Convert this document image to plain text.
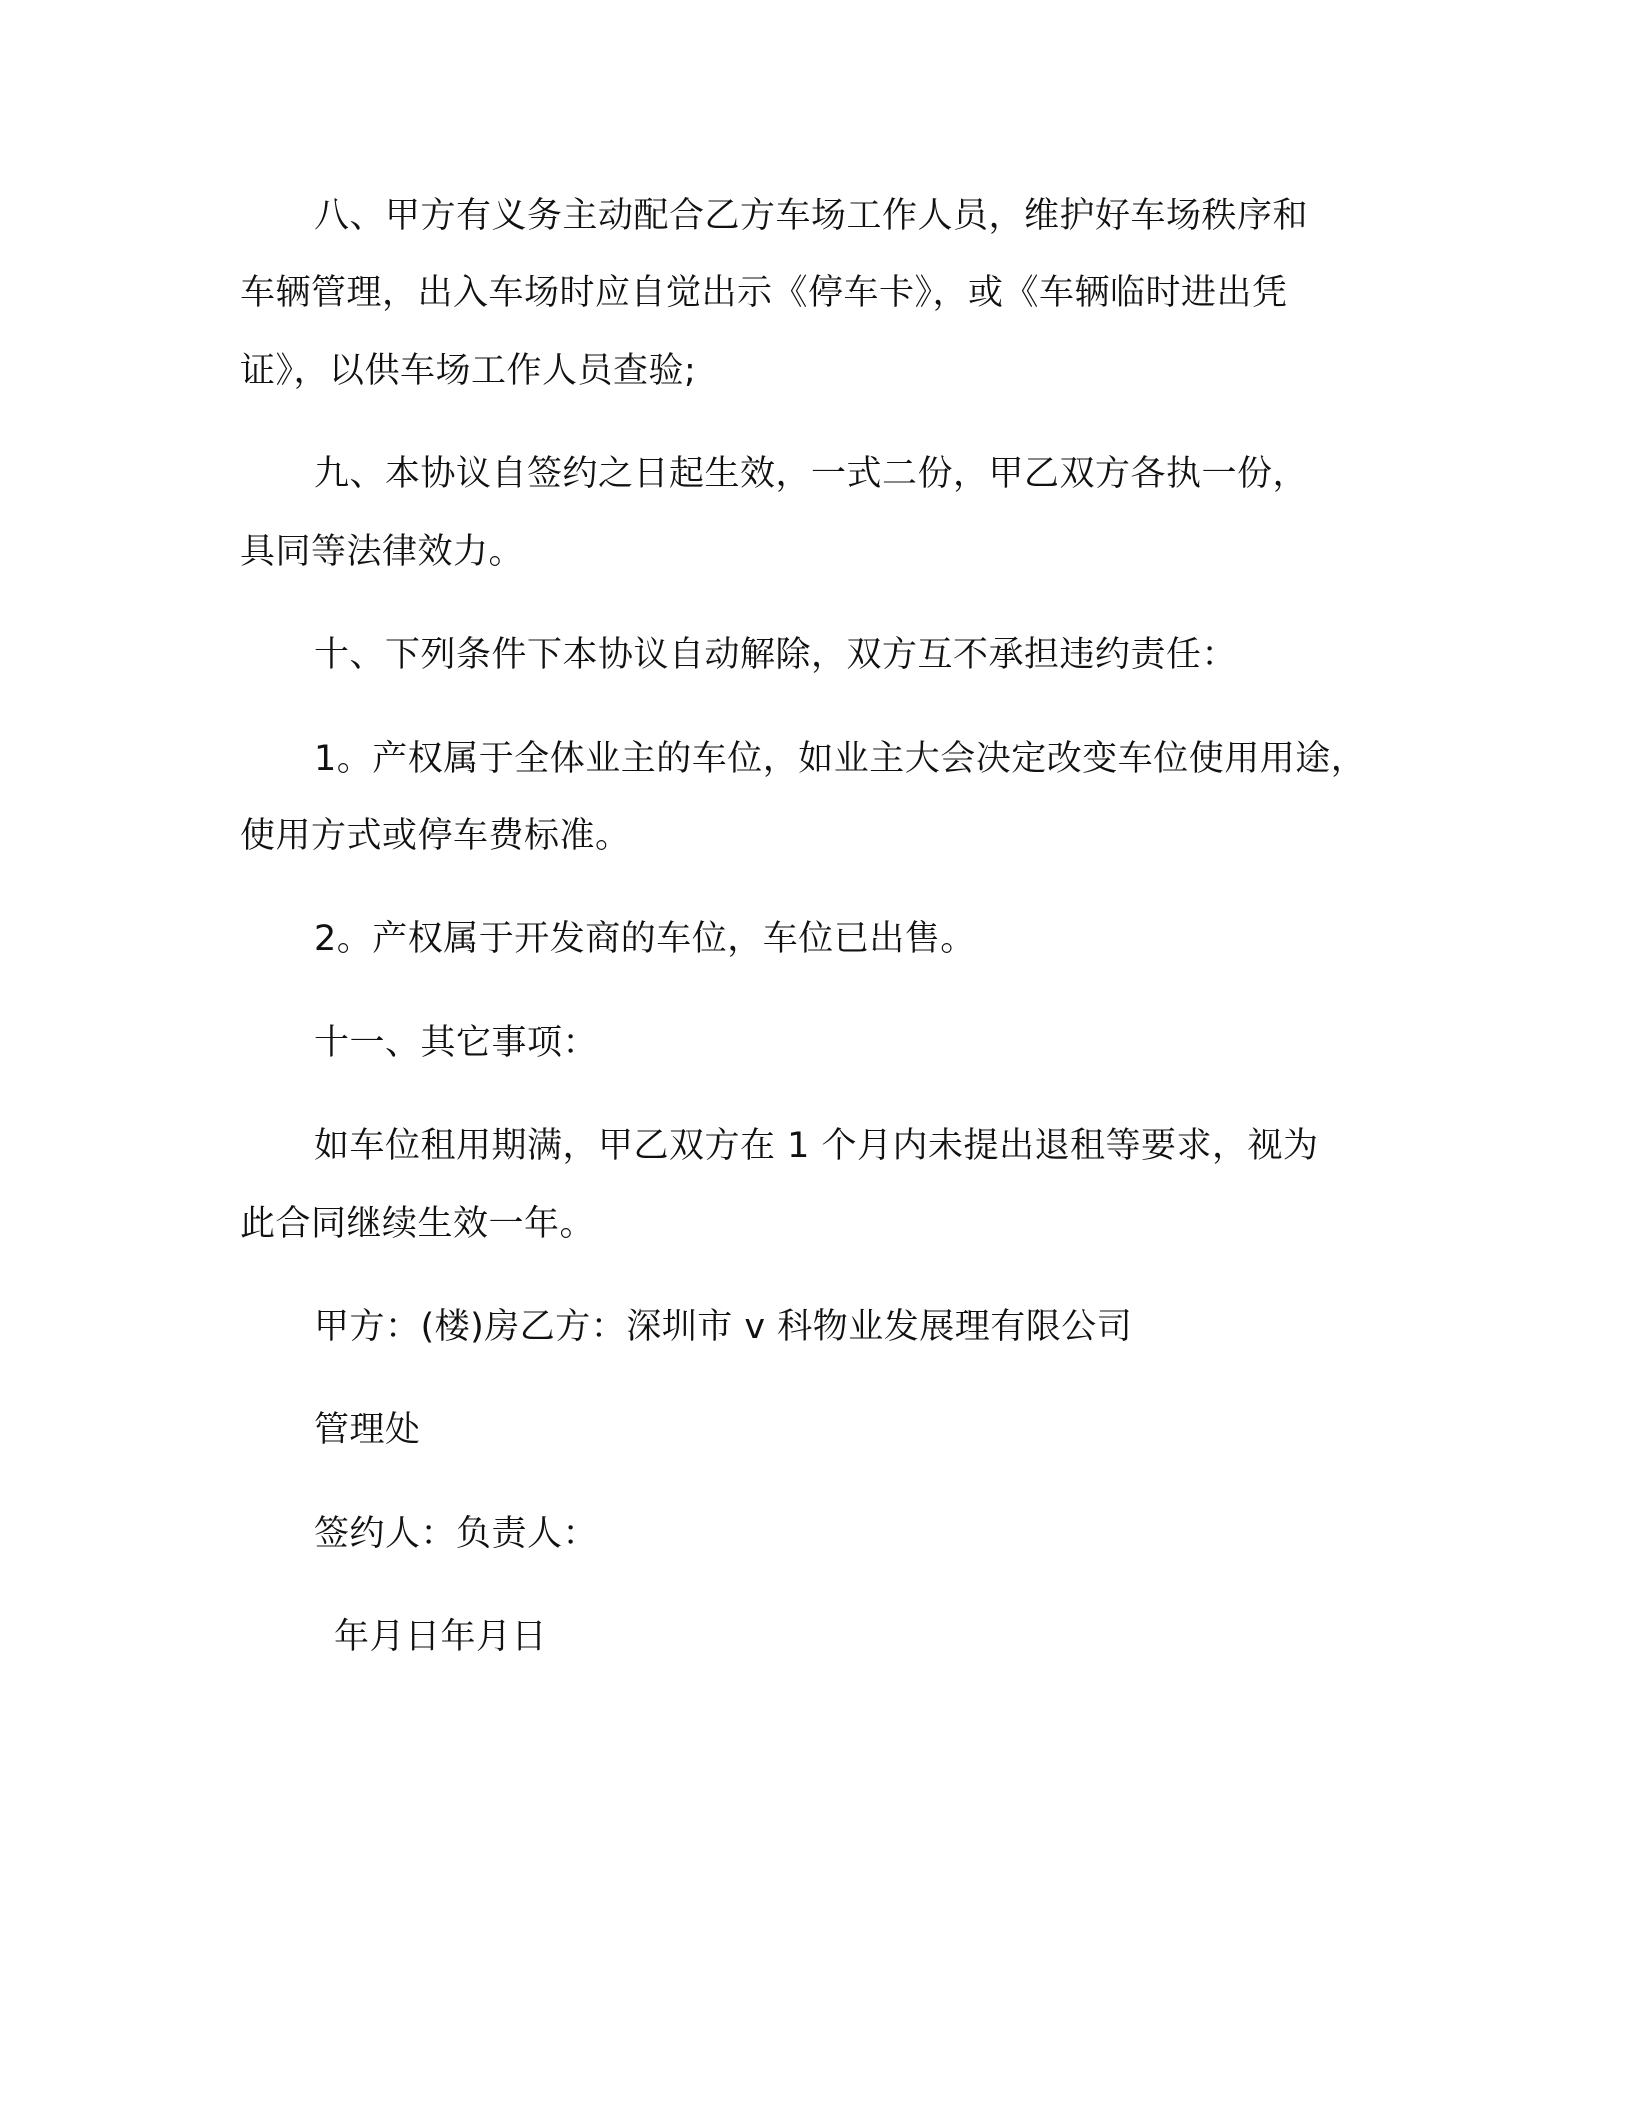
八、甲方有义务主动配合乙方车场工作人员，维护好车场秩序和
车辆管理，出入车场时应自觉出示《停车卡》，或《车辆临时进出凭
证》，以供车场工作人员查验;
九、本协议自签约之日起生效，一式二份，甲乙双方各执一份，
具同等法律效力。
十、下列条件下本协议自动解除，双方互不承担违约责任：
1。产权属于全体业主的车位，如业主大会决定改变车位使用用途，
使用方式或停车费标准。
2。产权属于开发商的车位，车位已出售。
十一、其它事项：
如车位租用期满，甲乙双方在 1 个月内未提出退租等要求，视为
此合同继续生效一年。
甲方：(楼)房乙方：深圳市 v 科物业发展理有限公司
管理处
签约人：负责人：
年月日年月日
